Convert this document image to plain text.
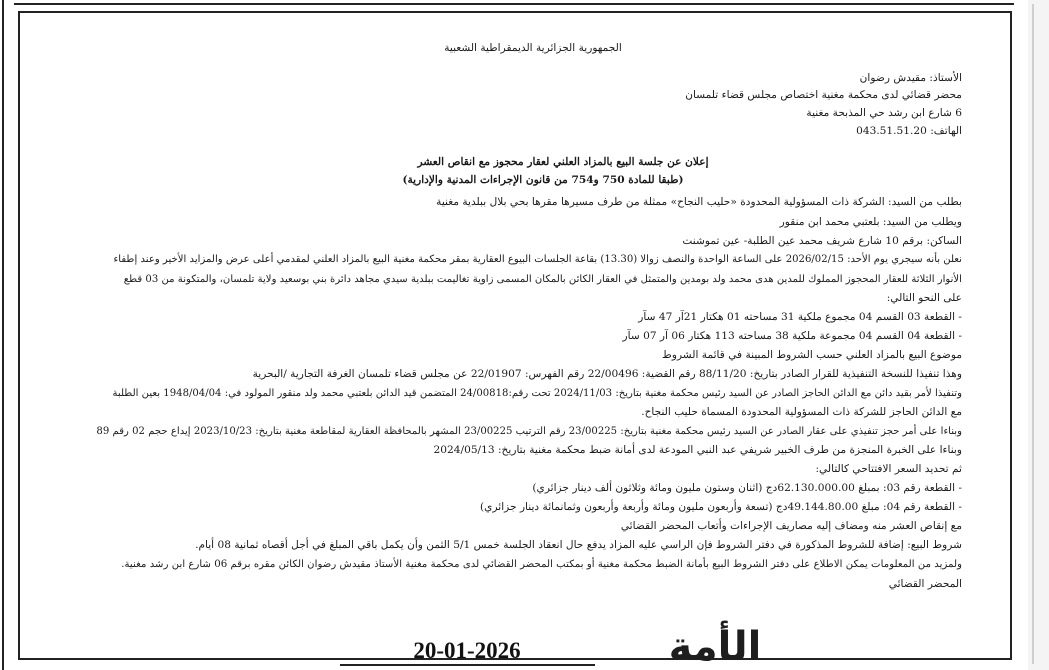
الجمهورية الجزائرية الديمقراطية الشعبية
الأستاذ: مقيدش رضوان
محضر قضائي لدى محكمة مغنية اختصاص مجلس قضاء تلمسان
6 شارع ابن رشد حي المذبحة مغنية
الهاتف: 043.51.51.20
إعلان عن جلسة البيع بالمزاد العلني لعقار محجوز مع انقاص العشر
(طبقا للمادة 750 و754 من قانون الإجراءات المدنية والإدارية)
بطلب من السيد: الشركة ذات المسؤولية المحدودة «حليب النجاح» ممثلة من طرف مسيرها مقرها بحي بلال ببلدية مغنية
ويطلب من السيد: بلعتبي محمد ابن منقور
الساكن: برقم 10 شارع شريف محمد عين الطلبة- عين تموشنت
نعلن بأنه سيجري يوم الأحد: 2026/02/15 على الساعة الواحدة والنصف زوالا (13.30) بقاعة الجلسات البيوع العقارية بمقر محكمة مغنية البيع بالمزاد العلني لمقدمي أعلى عرض والمزايد الأخير وعند إطفاء
الأنوار الثلاثة للعقار المحجوز المملوك للمدين هدى محمد ولد بومدين والمتمثل في العقار الكائن بالمكان المسمى زاوية تغاليمت ببلدية سيدي مجاهد دائرة بني بوسعيد ولاية تلمسان، والمتكونة من 03 قطع
على النحو التالي:
- القطعة 03 القسم 04 مجموع ملكية 31 مساحته 01 هكتار 21آر 47 سآر
- القطعة 04 القسم 04 مجموعة ملكية 38 مساحته 113 هكتار 06 آر 07 سآر
موضوع البيع بالمزاد العلني حسب الشروط المبينة في قائمة الشروط
وهذا تنفيذا للنسخة التنفيذية للقرار الصادر بتاريخ: 88/11/20 رقم القضية: 22/00496 رقم الفهرس: 22/01907 عن مجلس قضاء تلمسان الغرفة التجارية /البحرية
وتنفيذا لأمر بقيد دائن مع الدائن الحاجز الصادر عن السيد رئيس محكمة مغنية بتاريخ: 2024/11/03 تحت رقم:24/00818 المتضمن قيد الدائن بلعتبي محمد ولد منقور المولود في: 1948/04/04 بعين الطلبة
مع الدائن الحاجز للشركة ذات المسؤولية المحدودة المسماة حليب النجاح.
وبناءا على أمر حجز تنفيذي على عقار الصادر عن السيد رئيس محكمة مغنية بتاريخ: 23/00225 رقم الترتيب 23/00225 المشهر بالمحافظة العقارية لمقاطعة مغنية بتاريخ: 2023/10/23 إيداع حجم 02 رقم 89
وبناءا على الخبرة المنجزة من طرف الخبير شريفي عبد النبي المودعة لدى أمانة ضبط محكمة مغنية بتاريخ: 2024/05/13
ثم تحديد السعر الافتتاحي كالتالي:
- القطعة رقم 03: بمبلغ 62.130.000.00دج (اثنان وستون مليون ومائة وثلاثون ألف دينار جزائري)
- القطعة رقم 04: مبلغ 49.144.80.00دج (تسعة وأربعون مليون ومائة وأربعة وأربعون وثمانمائة دينار جزائري)
مع إنقاص العشر منه ومضاف إليه مصاريف الإجراءات وأتعاب المحضر القضائي
شروط البيع: إضافة للشروط المذكورة في دفتر الشروط فإن الراسي عليه المزاد يدفع حال انعقاد الجلسة خمس 5/1 الثمن وأن يكمل باقي المبلغ في أجل أقصاه ثمانية 08 أيام.
ولمزيد من المعلومات يمكن الاطلاع على دفتر الشروط البيع بأمانة الضبط محكمة مغنية أو بمكتب المحضر القضائي لدى محكمة مغنية الأستاذ مقيدش رضوان الكائن مقره برقم 06 شارع ابن رشد مغنية.
المحضر القضائي
الأمة
20-01-2026
